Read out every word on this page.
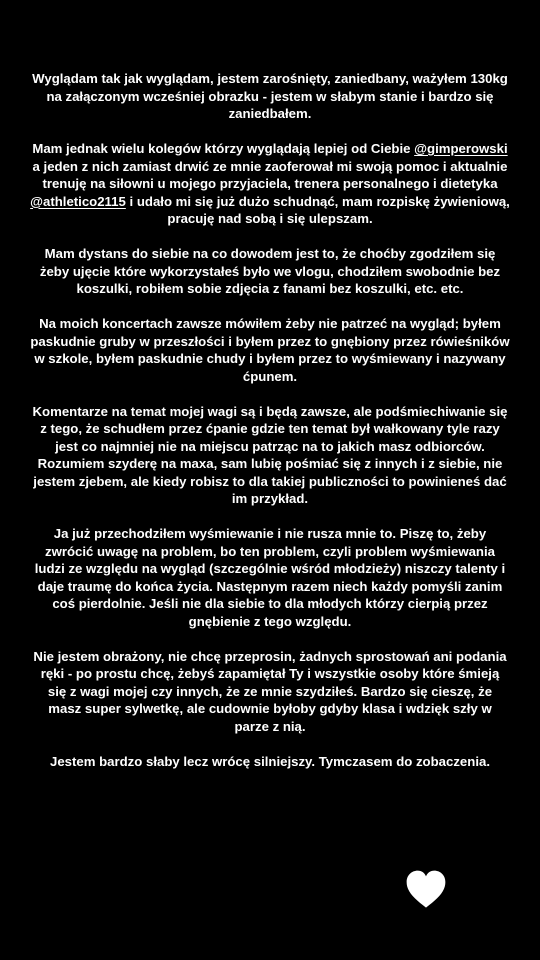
Wyglądam tak jak wyglądam, jestem zarośnięty, zaniedbany, ważyłem 130kg na załączonym wcześniej obrazku - jestem w słabym stanie i bardzo się zaniedbałem.

Mam jednak wielu kolegów którzy wyglądają lepiej od Ciebie @gimperowski a jeden z nich zamiast drwić ze mnie zaoferował mi swoją pomoc i aktualnie trenuję na siłowni u mojego przyjaciela, trenera personalnego i dietetyka @athletico2115 i udało mi się już dużo schudnąć, mam rozpiskę żywieniową, pracuję nad sobą i się ulepszam.

Mam dystans do siebie na co dowodem jest to, że choćby zgodziłem się żeby ujęcie które wykorzystałeś było we vlogu, chodziłem swobodnie bez koszulki, robiłem sobie zdjęcia z fanami bez koszulki, etc. etc.

Na moich koncertach zawsze mówiłem żeby nie patrzeć na wygląd; byłem paskudnie gruby w przeszłości i byłem przez to gnębiony przez rówieśników w szkole, byłem paskudnie chudy i byłem przez to wyśmiewany i nazywany ćpunem.

Komentarze na temat mojej wagi są i będą zawsze, ale podśmiechiwanie się z tego, że schudłem przez ćpanie gdzie ten temat był wałkowany tyle razy jest co najmniej nie na miejscu patrząc na to jakich masz odbiorców. Rozumiem szyderę na maxa, sam lubię pośmiać się z innych i z siebie, nie jestem zjebem, ale kiedy robisz to dla takiej publiczności to powinieneś dać im przykład.

Ja już przechodziłem wyśmiewanie i nie rusza mnie to. Piszę to, żeby zwrócić uwagę na problem, bo ten problem, czyli problem wyśmiewania ludzi ze względu na wygląd (szczególnie wśród młodzieży) niszczy talenty i daje traumę do końca życia. Następnym razem niech każdy pomyśli zanim coś pierdolnie. Jeśli nie dla siebie to dla młodych którzy cierpią przez gnębienie z tego względu.

Nie jestem obrażony, nie chcę przeprosin, żadnych sprostowań ani podania ręki - po prostu chcę, żebyś zapamiętał Ty i wszystkie osoby które śmieją się z wagi mojej czy innych, że ze mnie szydziłeś. Bardzo się cieszę, że masz super sylwetkę, ale cudownie byłoby gdyby klasa i wdzięk szły w parze z nią.

Jestem bardzo słaby lecz wrócę silniejszy. Tymczasem do zobaczenia.
